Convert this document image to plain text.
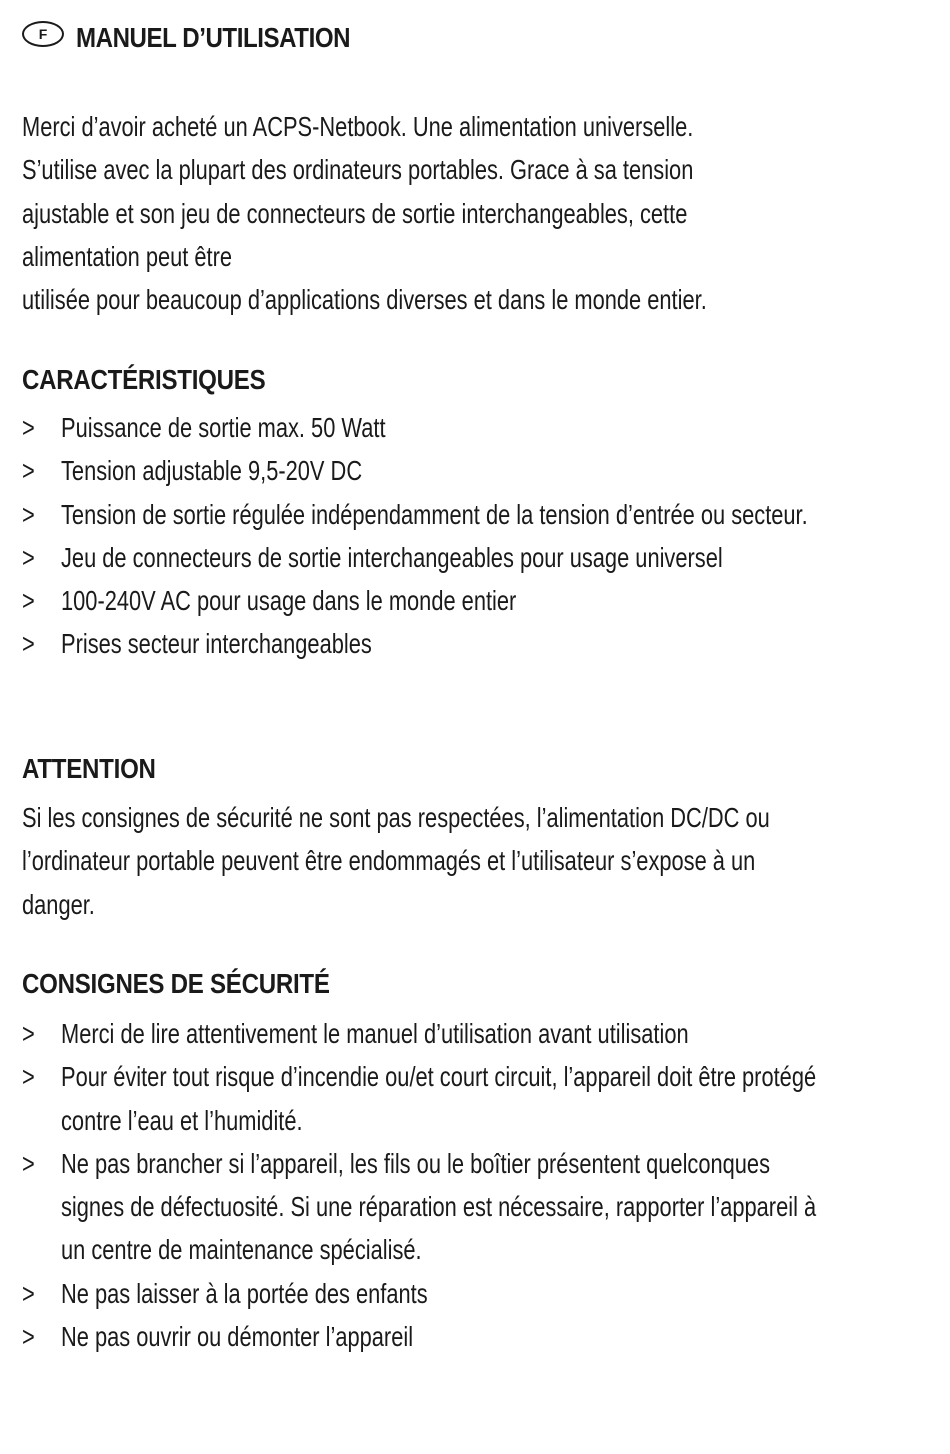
F	MANUEL D’UTILISATION

Merci d’avoir acheté un ACPS-Netbook. Une alimentation universelle.

S’utilise avec la plupart des ordinateurs portables. Grace à sa tension

ajustable et son jeu de connecteurs de sortie interchangeables, cette

alimentation peut être

utilisée pour beaucoup d’applications diverses et dans le monde entier.

CARACTÉRISTIQUES
> Puissance de sortie max. 50 Watt
> Tension adjustable 9,5-20V DC
> Tension de sortie régulée indépendamment de la tension d’entrée ou secteur.
> Jeu de connecteurs de sortie interchangeables pour usage universel
> 100-240V AC pour usage dans le monde entier
> Prises secteur interchangeables
ATTENTION

Si les consignes de sécurité ne sont pas respectées, l’alimentation DC/DC ou l’ordinateur portable peuvent être endommagés et l’utilisateur s’expose à un danger.

CONSIGNES DE SÉCURITÉ
> Merci de lire attentivement le manuel d’utilisation avant utilisation
> Pour éviter tout risque d’incendie ou/et court circuit, l’appareil doit être protégé contre l’eau et l’humidité.
> Ne pas brancher si l’appareil, les fils ou le boîtier présentent quelconques signes de défectuosité. Si une réparation est nécessaire, rapporter l’appareil à un centre de maintenance spécialisé.
> Ne pas laisser à la portée des enfants
> Ne pas ouvrir ou démonter l’appareil
